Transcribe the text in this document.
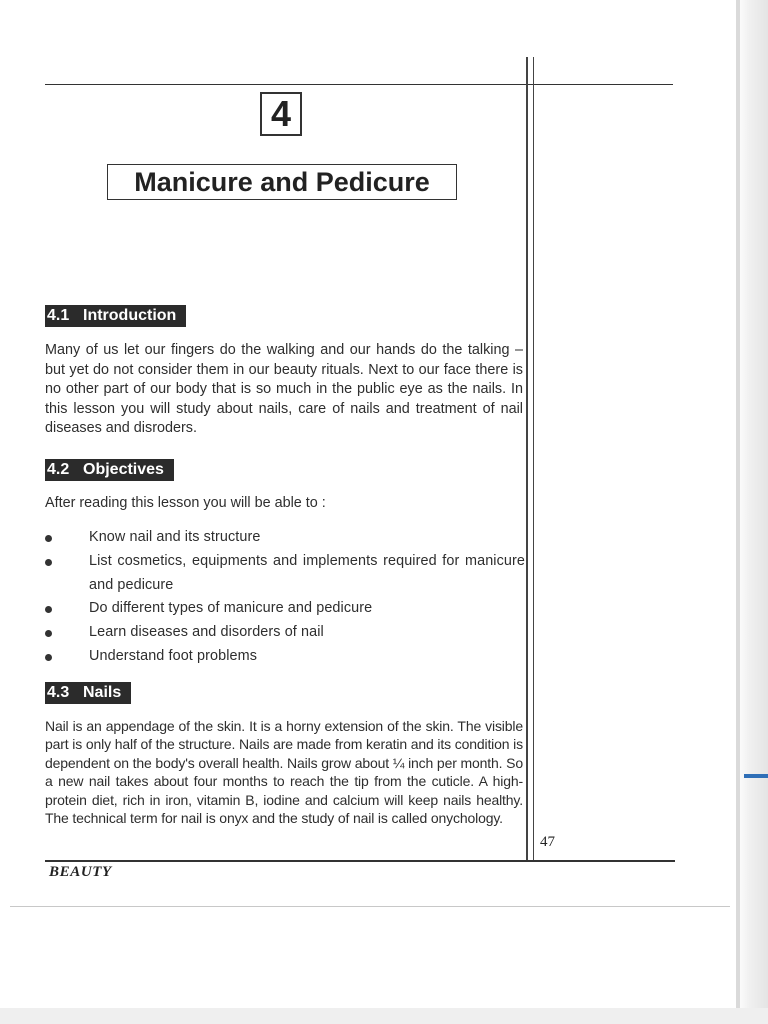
4
Manicure and Pedicure
4.1 Introduction

Many of us let our fingers do the walking and our hands do the talking – but yet do not consider them in our beauty rituals. Next to our face there is no other part of our body that is so much in the public eye as the nails. In this lesson you will study about nails, care of nails and treatment of nail diseases and disroders.

4.2 Objectives

After reading this lesson you will be able to :

Know nail and its structure
List cosmetics, equipments and implements required for manicure and pedicure
Do different types of manicure and pedicure
Learn diseases and disorders of nail
Understand foot problems
4.3 Nails

Nail is an appendage of the skin. It is a horny extension of the skin. The visible part is only half of the structure. Nails are made from keratin and its condition is dependent on the body's overall health. Nails grow about ¼ inch per month. So a new nail takes about four months to reach the tip from the cuticle. A high-protein diet, rich in iron, vitamin B, iodine and calcium will keep nails healthy. The technical term for nail is onyx and the study of nail is called onychology.

47
BEAUTY
